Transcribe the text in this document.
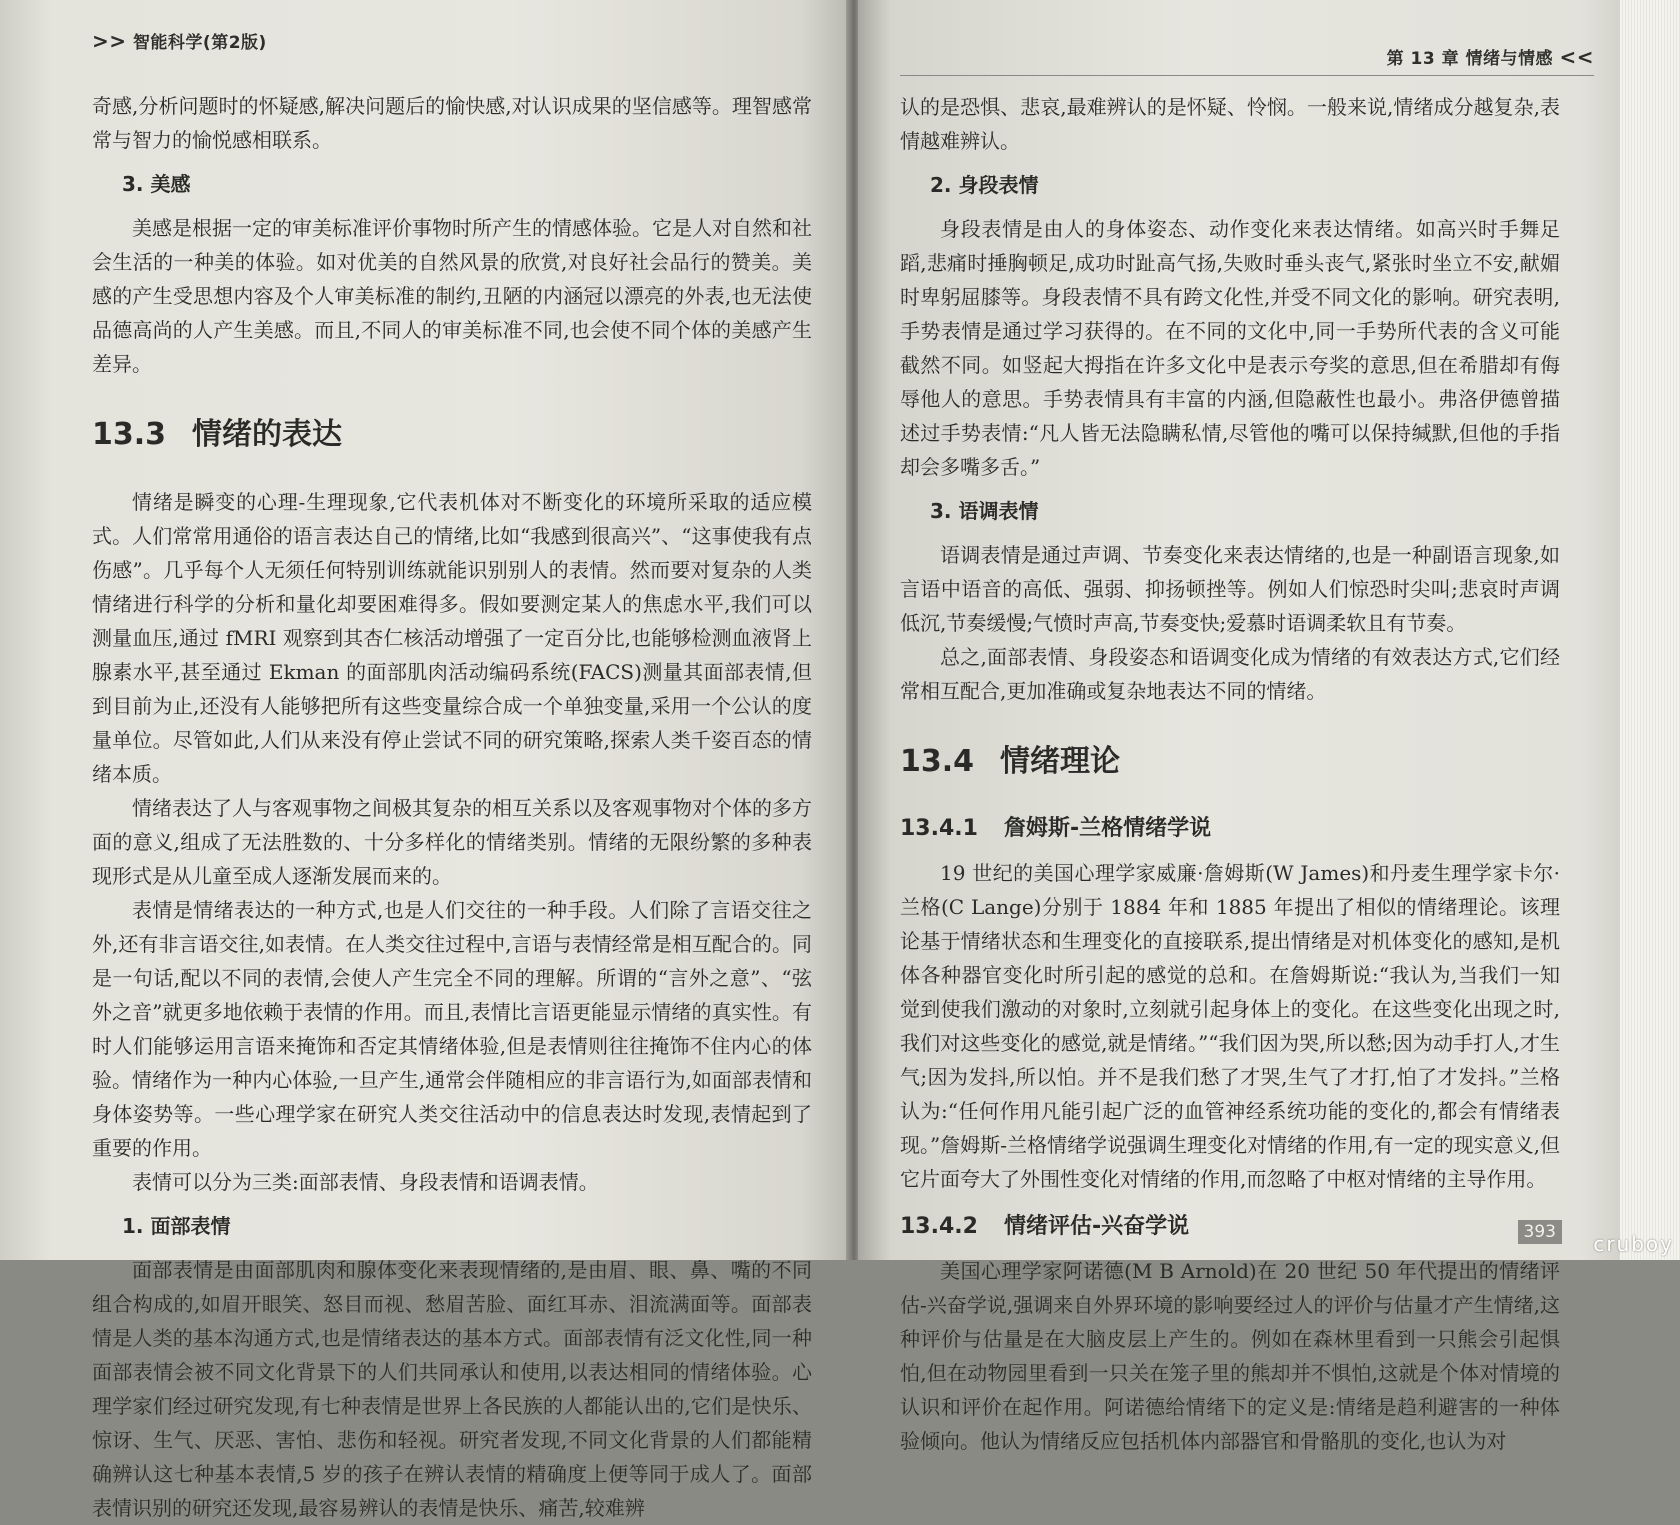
>> 智能科学(第2版)

奇感,分析问题时的怀疑感,解决问题后的愉快感,对认识成果的坚信感等。理智感常常与智力的愉悦感相联系。

3. 美感

美感是根据一定的审美标准评价事物时所产生的情感体验。它是人对自然和社会生活的一种美的体验。如对优美的自然风景的欣赏,对良好社会品行的赞美。美感的产生受思想内容及个人审美标准的制约,丑陋的内涵冠以漂亮的外表,也无法使品德高尚的人产生美感。而且,不同人的审美标准不同,也会使不同个体的美感产生差异。

13.3 情绪的表达

情绪是瞬变的心理-生理现象,它代表机体对不断变化的环境所采取的适应模式。人们常常用通俗的语言表达自己的情绪,比如“我感到很高兴”、“这事使我有点伤感”。几乎每个人无须任何特别训练就能识别别人的表情。然而要对复杂的人类情绪进行科学的分析和量化却要困难得多。假如要测定某人的焦虑水平,我们可以测量血压,通过 fMRI 观察到其杏仁核活动增强了一定百分比,也能够检测血液肾上腺素水平,甚至通过 Ekman 的面部肌肉活动编码系统(FACS)测量其面部表情,但到目前为止,还没有人能够把所有这些变量综合成一个单独变量,采用一个公认的度量单位。尽管如此,人们从来没有停止尝试不同的研究策略,探索人类千姿百态的情绪本质。

情绪表达了人与客观事物之间极其复杂的相互关系以及客观事物对个体的多方面的意义,组成了无法胜数的、十分多样化的情绪类别。情绪的无限纷繁的多种表现形式是从儿童至成人逐渐发展而来的。

表情是情绪表达的一种方式,也是人们交往的一种手段。人们除了言语交往之外,还有非言语交往,如表情。在人类交往过程中,言语与表情经常是相互配合的。同是一句话,配以不同的表情,会使人产生完全不同的理解。所谓的“言外之意”、“弦外之音”就更多地依赖于表情的作用。而且,表情比言语更能显示情绪的真实性。有时人们能够运用言语来掩饰和否定其情绪体验,但是表情则往往掩饰不住内心的体验。情绪作为一种内心体验,一旦产生,通常会伴随相应的非言语行为,如面部表情和身体姿势等。一些心理学家在研究人类交往活动中的信息表达时发现,表情起到了重要的作用。

表情可以分为三类:面部表情、身段表情和语调表情。

1. 面部表情

面部表情是由面部肌肉和腺体变化来表现情绪的,是由眉、眼、鼻、嘴的不同组合构成的,如眉开眼笑、怒目而视、愁眉苦脸、面红耳赤、泪流满面等。面部表情是人类的基本沟通方式,也是情绪表达的基本方式。面部表情有泛文化性,同一种面部表情会被不同文化背景下的人们共同承认和使用,以表达相同的情绪体验。心理学家们经过研究发现,有七种表情是世界上各民族的人都能认出的,它们是快乐、惊讶、生气、厌恶、害怕、悲伤和轻视。研究者发现,不同文化背景的人们都能精确辨认这七种基本表情,5 岁的孩子在辨认表情的精确度上便等同于成人了。面部表情识别的研究还发现,最容易辨认的表情是快乐、痛苦,较难辨

第 13 章 情绪与情感 <<

认的是恐惧、悲哀,最难辨认的是怀疑、怜悯。一般来说,情绪成分越复杂,表情越难辨认。

2. 身段表情

身段表情是由人的身体姿态、动作变化来表达情绪。如高兴时手舞足蹈,悲痛时捶胸顿足,成功时趾高气扬,失败时垂头丧气,紧张时坐立不安,献媚时卑躬屈膝等。身段表情不具有跨文化性,并受不同文化的影响。研究表明,手势表情是通过学习获得的。在不同的文化中,同一手势所代表的含义可能截然不同。如竖起大拇指在许多文化中是表示夸奖的意思,但在希腊却有侮辱他人的意思。手势表情具有丰富的内涵,但隐蔽性也最小。弗洛伊德曾描述过手势表情:“凡人皆无法隐瞒私情,尽管他的嘴可以保持缄默,但他的手指却会多嘴多舌。”

3. 语调表情

语调表情是通过声调、节奏变化来表达情绪的,也是一种副语言现象,如言语中语音的高低、强弱、抑扬顿挫等。例如人们惊恐时尖叫;悲哀时声调低沉,节奏缓慢;气愤时声高,节奏变快;爱慕时语调柔软且有节奏。

总之,面部表情、身段姿态和语调变化成为情绪的有效表达方式,它们经常相互配合,更加准确或复杂地表达不同的情绪。

13.4 情绪理论
13.4.1 詹姆斯-兰格情绪学说

19 世纪的美国心理学家威廉·詹姆斯(W James)和丹麦生理学家卡尔·兰格(C Lange)分别于 1884 年和 1885 年提出了相似的情绪理论。该理论基于情绪状态和生理变化的直接联系,提出情绪是对机体变化的感知,是机体各种器官变化时所引起的感觉的总和。在詹姆斯说:“我认为,当我们一知觉到使我们激动的对象时,立刻就引起身体上的变化。在这些变化出现之时,我们对这些变化的感觉,就是情绪。”“我们因为哭,所以愁;因为动手打人,才生气;因为发抖,所以怕。并不是我们愁了才哭,生气了才打,怕了才发抖。”兰格认为:“任何作用凡能引起广泛的血管神经系统功能的变化的,都会有情绪表现。”詹姆斯-兰格情绪学说强调生理变化对情绪的作用,有一定的现实意义,但它片面夸大了外围性变化对情绪的作用,而忽略了中枢对情绪的主导作用。

13.4.2 情绪评估-兴奋学说

美国心理学家阿诺德(M B Arnold)在 20 世纪 50 年代提出的情绪评估-兴奋学说,强调来自外界环境的影响要经过人的评价与估量才产生情绪,这种评价与估量是在大脑皮层上产生的。例如在森林里看到一只熊会引起惧怕,但在动物园里看到一只关在笼子里的熊却并不惧怕,这就是个体对情境的认识和评价在起作用。阿诺德给情绪下的定义是:情绪是趋利避害的一种体验倾向。他认为情绪反应包括机体内部器官和骨骼肌的变化,也认为对

393	cruboy
